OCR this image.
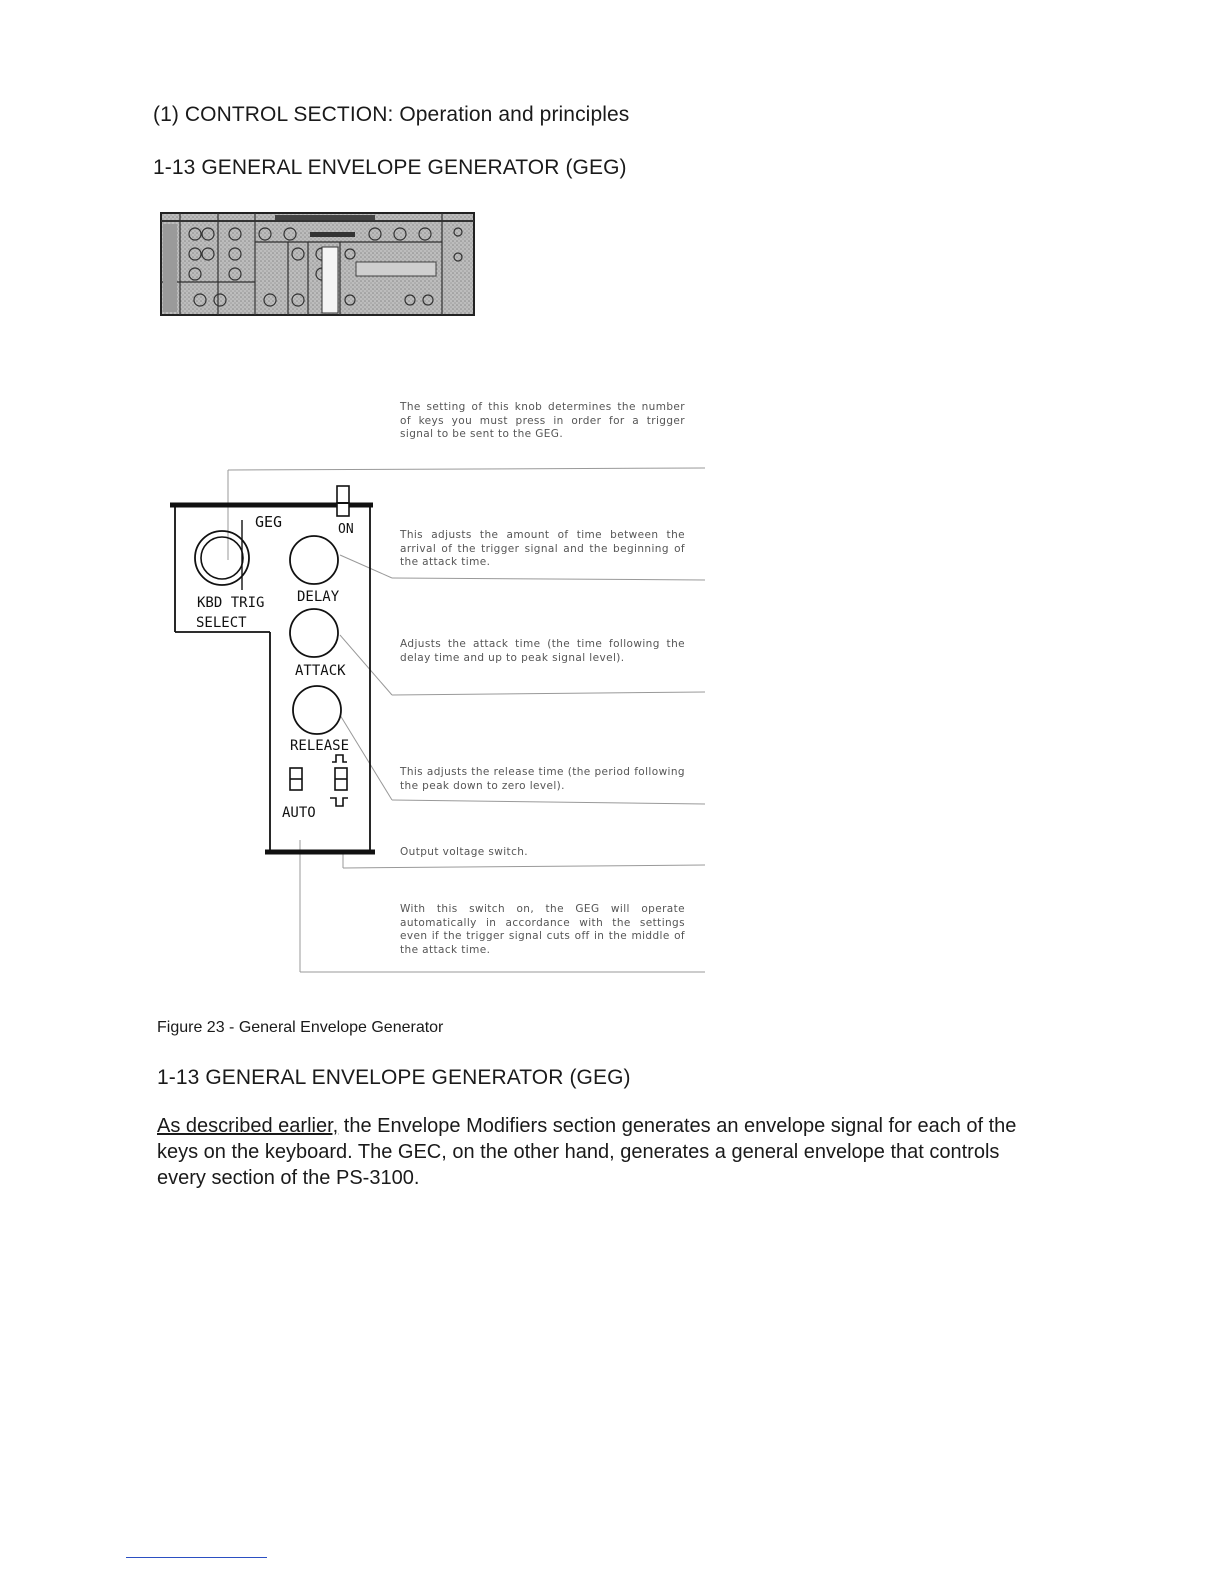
(1) CONTROL SECTION: Operation and principles
1-13 GENERAL ENVELOPE GENERATOR (GEG)
GEG	ON
KBD TRIG
SELECT
DELAY
ATTACK
RELEASE
AUTO
The setting of this knob determines the number of keys you must press in order for a trigger signal to be sent to the GEG.
This adjusts the amount of time between the arrival of the trigger signal and the beginning of the attack time.
Adjusts the attack time (the time following the delay time and up to peak signal level).
This adjusts the release time (the period following the peak down to zero level).
Output voltage switch.
With this switch on, the GEG will operate automatically in accordance with the settings even if the trigger signal cuts off in the middle of the attack time.
Figure 23 - General Envelope Generator
1-13 GENERAL ENVELOPE GENERATOR (GEG)

As described earlier, the Envelope Modifiers section generates an envelope signal for each of the keys on the keyboard. The GEC, on the other hand, generates a general envelope that controls every section of the PS-3100.
